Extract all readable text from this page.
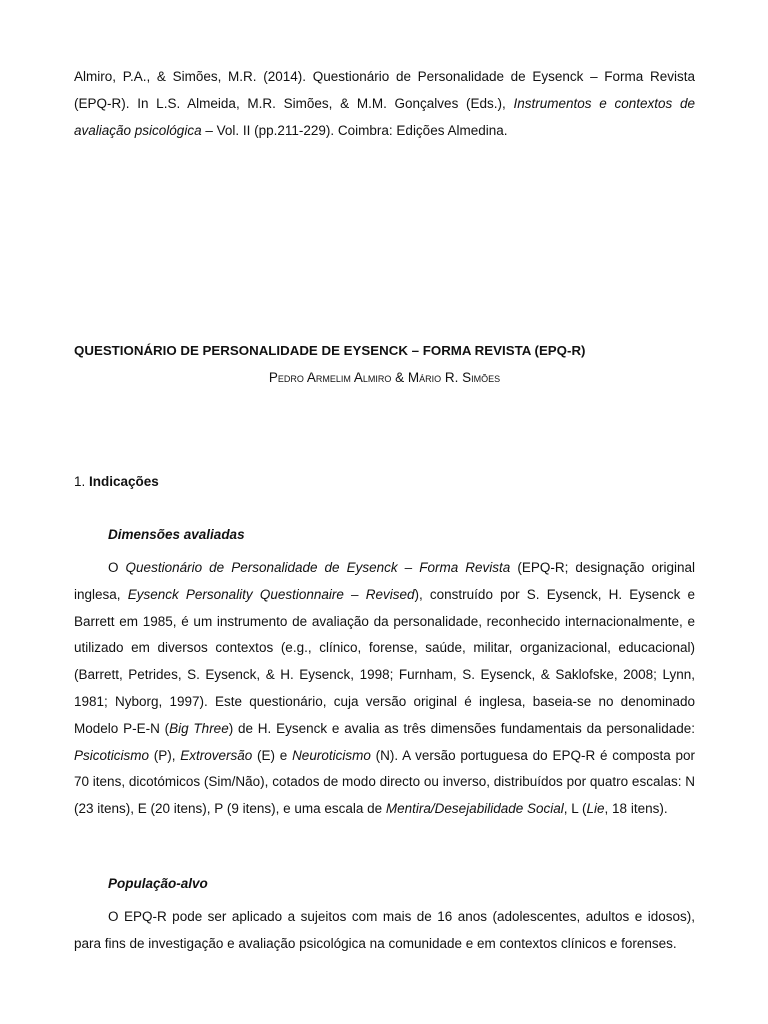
Almiro, P.A., & Simões, M.R. (2014). Questionário de Personalidade de Eysenck – Forma Revista (EPQ-R). In L.S. Almeida, M.R. Simões, & M.M. Gonçalves (Eds.), Instrumentos e contextos de avaliação psicológica – Vol. II (pp.211-229). Coimbra: Edições Almedina.

QUESTIONÁRIO DE PERSONALIDADE DE EYSENCK – FORMA REVISTA (EPQ-R)
Pedro Armelim Almiro & Mário R. Simões
1. Indicações
Dimensões avaliadas

O Questionário de Personalidade de Eysenck – Forma Revista (EPQ-R; designação original inglesa, Eysenck Personality Questionnaire – Revised), construído por S. Eysenck, H. Eysenck e Barrett em 1985, é um instrumento de avaliação da personalidade, reconhecido internacionalmente, e utilizado em diversos contextos (e.g., clínico, forense, saúde, militar, organizacional, educacional) (Barrett, Petrides, S. Eysenck, & H. Eysenck, 1998; Furnham, S. Eysenck, & Saklofske, 2008; Lynn, 1981; Nyborg, 1997). Este questionário, cuja versão original é inglesa, baseia-se no denominado Modelo P-E-N (Big Three) de H. Eysenck e avalia as três dimensões fundamentais da personalidade: Psicoticismo (P), Extroversão (E) e Neuroticismo (N). A versão portuguesa do EPQ-R é composta por 70 itens, dicotómicos (Sim/Não), cotados de modo directo ou inverso, distribuídos por quatro escalas: N (23 itens), E (20 itens), P (9 itens), e uma escala de Mentira/Desejabilidade Social, L (Lie, 18 itens).

População-alvo

O EPQ-R pode ser aplicado a sujeitos com mais de 16 anos (adolescentes, adultos e idosos), para fins de investigação e avaliação psicológica na comunidade e em contextos clínicos e forenses.
